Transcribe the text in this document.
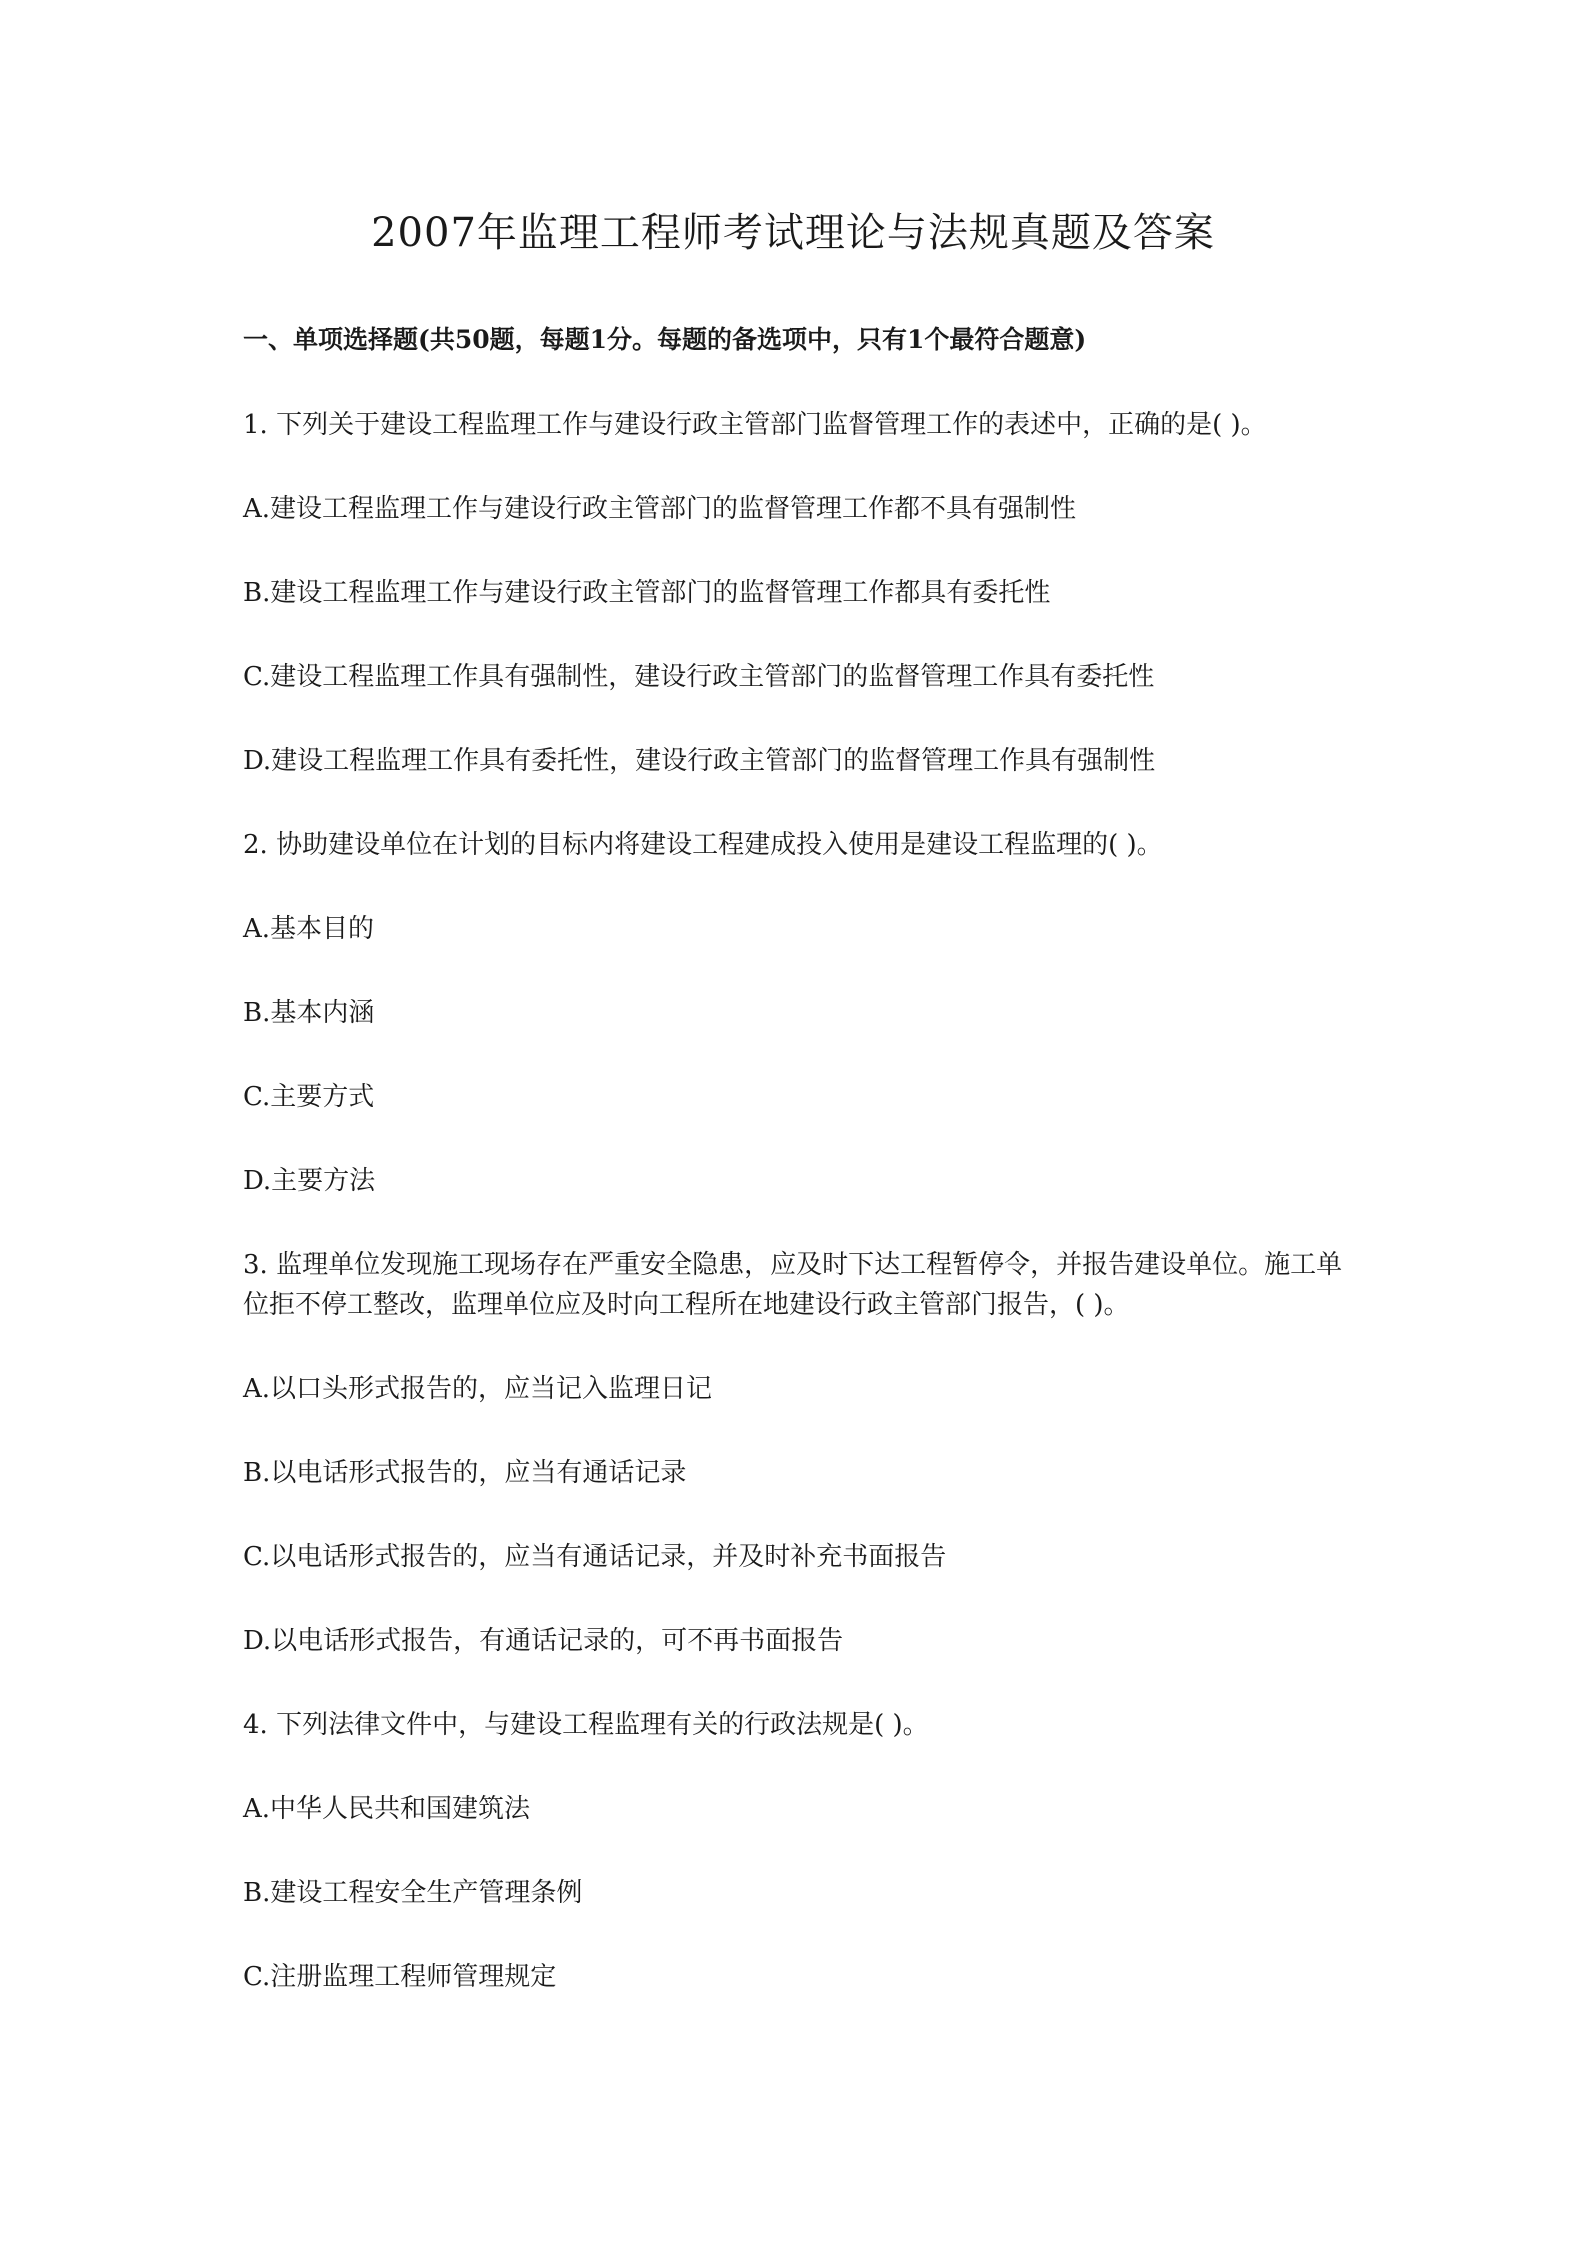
2007年监理工程师考试理论与法规真题及答案

一、单项选择题(共50题，每题1分。每题的备选项中，只有1个最符合题意)

1. 下列关于建设工程监理工作与建设行政主管部门监督管理工作的表述中，正确的是( )。

A.建设工程监理工作与建设行政主管部门的监督管理工作都不具有强制性

B.建设工程监理工作与建设行政主管部门的监督管理工作都具有委托性

C.建设工程监理工作具有强制性，建设行政主管部门的监督管理工作具有委托性

D.建设工程监理工作具有委托性，建设行政主管部门的监督管理工作具有强制性

2. 协助建设单位在计划的目标内将建设工程建成投入使用是建设工程监理的( )。

A.基本目的

B.基本内涵

C.主要方式

D.主要方法

3. 监理单位发现施工现场存在严重安全隐患，应及时下达工程暂停令，并报告建设单位。施工单位拒不停工整改，监理单位应及时向工程所在地建设行政主管部门报告，( )。

A.以口头形式报告的，应当记入监理日记

B.以电话形式报告的，应当有通话记录

C.以电话形式报告的，应当有通话记录，并及时补充书面报告

D.以电话形式报告，有通话记录的，可不再书面报告

4. 下列法律文件中，与建设工程监理有关的行政法规是( )。

A.中华人民共和国建筑法

B.建设工程安全生产管理条例

C.注册监理工程师管理规定
